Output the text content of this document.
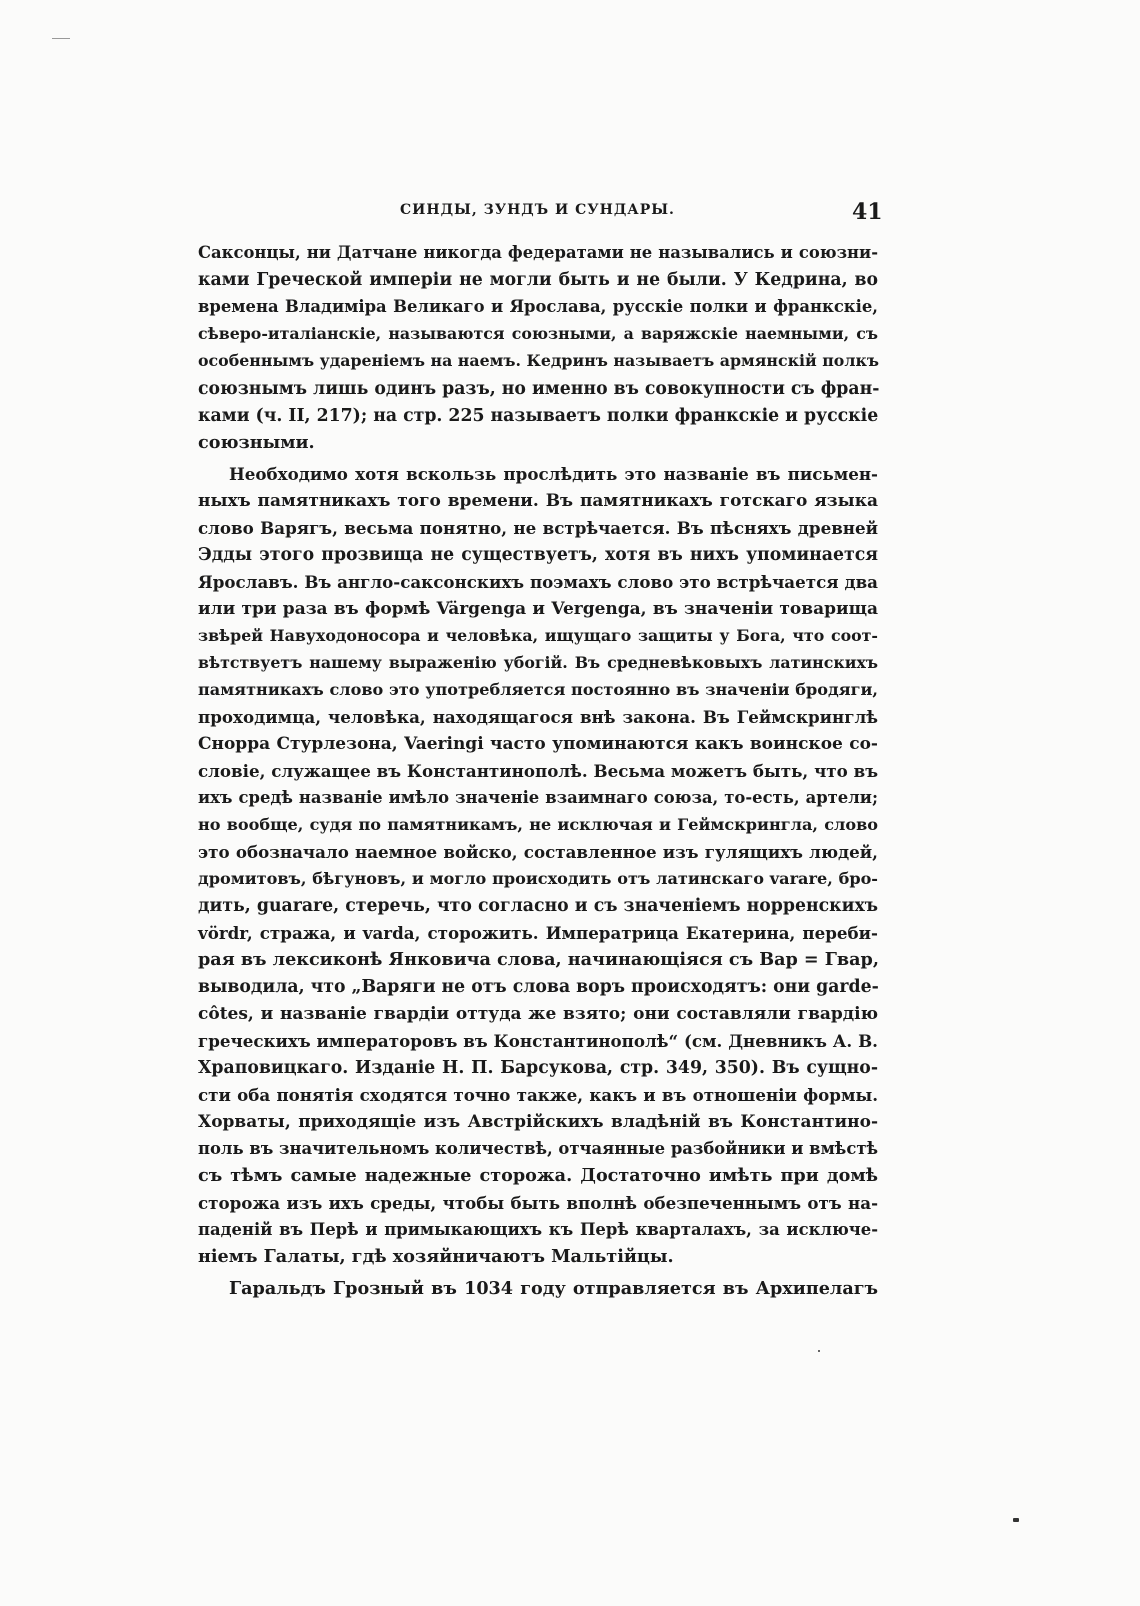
СИНДЫ, ЗУНДЪ И СУНДАРЫ.	41
Саксонцы, ни Датчане никогда федератами не назывались и союзни-
ками Греческой имперіи не могли быть и не были. У Кедрина, во
времена Владиміра Великаго и Ярослава, русскіе полки и франкскіе,
сѣверо-италіанскіе, называются союзными, а варяжскіе наемными, съ
особеннымъ удареніемъ на наемъ. Кедринъ называетъ армянскій полкъ
союзнымъ лишь одинъ разъ, но именно въ совокупности съ фран-
ками (ч. II, 217); на стр. 225 называетъ полки франкскіе и русскіе
союзными.
Необходимо хотя вскользь прослѣдить это названіе въ письмен-
ныхъ памятникахъ того времени. Въ памятникахъ готскаго языка
слово Варягъ, весьма понятно, не встрѣчается. Въ пѣсняхъ древней
Эдды этого прозвища не существуетъ, хотя въ нихъ упоминается
Ярославъ. Въ англо-саксонскихъ поэмахъ слово это встрѣчается два
или три раза въ формѣ Värgenga и Vergenga, въ значеніи товарища
звѣрей Навуходоносора и человѣка, ищущаго защиты у Бога, что соот-
вѣтствуетъ нашему выраженію убогій. Въ средневѣковыхъ латинскихъ
памятникахъ слово это употребляется постоянно въ значеніи бродяги,
проходимца, человѣка, находящагося внѣ закона. Въ Геймскринглѣ
Снорра Стурлезона, Vaeringi часто упоминаются какъ воинское со-
словіе, служащее въ Константинополѣ. Весьма можетъ быть, что въ
ихъ средѣ названіе имѣло значеніе взаимнаго союза, то-есть, артели;
но вообще, судя по памятникамъ, не исключая и Геймскрингла, слово
это обозначало наемное войско, составленное изъ гулящихъ людей,
дромитовъ, бѣгуновъ, и могло происходить отъ латинскаго varare, бро-
дить, guarare, стеречь, что согласно и съ значеніемъ норренскихъ
vördr, стража, и varda, сторожить. Императрица Екатерина, переби-
рая въ лексиконѣ Янковича слова, начинающіяся съ Вар = Гвар,
выводила, что „Варяги не отъ слова воръ происходятъ: они garde-
côtes, и названіе гвардіи оттуда же взято; они составляли гвардію
греческихъ императоровъ въ Константинополѣ“ (см. Дневникъ А. В.
Храповицкаго. Изданіе Н. П. Барсукова, стр. 349, 350). Въ сущно-
сти оба понятія сходятся точно также, какъ и въ отношеніи формы.
Хорваты, приходящіе изъ Австрійскихъ владѣній въ Константино-
поль въ значительномъ количествѣ, отчаянные разбойники и вмѣстѣ
съ тѣмъ самые надежные сторожа. Достаточно имѣть при домѣ
сторожа изъ ихъ среды, чтобы быть вполнѣ обезпеченнымъ отъ на-
паденій въ Перѣ и примыкающихъ къ Перѣ кварталахъ, за исключе-
ніемъ Галаты, гдѣ хозяйничаютъ Мальтійцы.
Гаральдъ Грозный въ 1034 году отправляется въ Архипелагъ
